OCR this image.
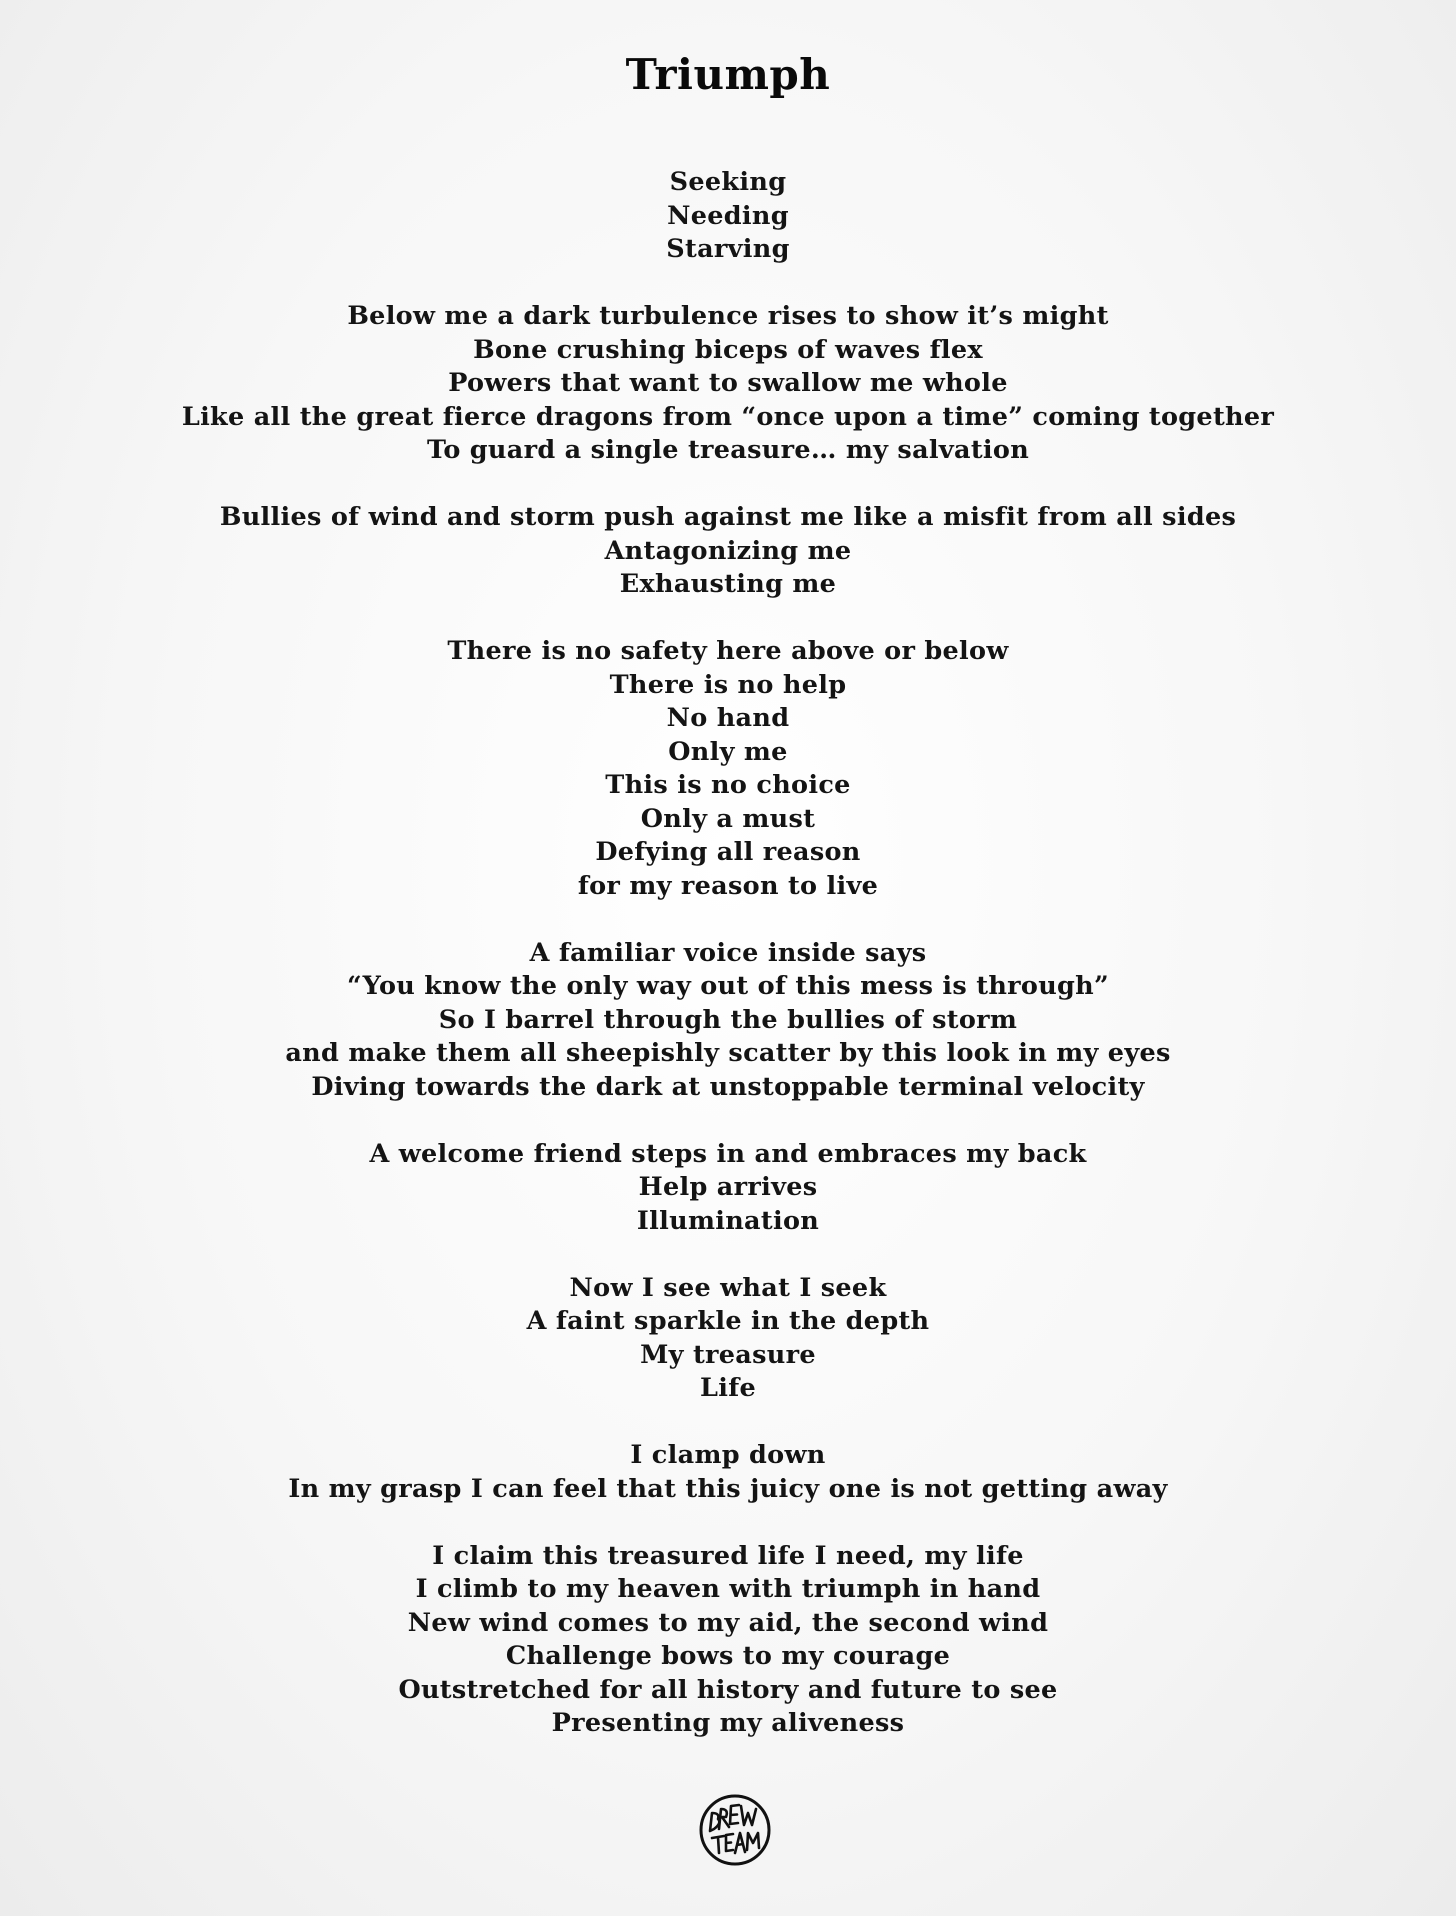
Triumph
Seeking
Needing
Starving
Below me a dark turbulence rises to show it’s might
Bone crushing biceps of waves flex
Powers that want to swallow me whole
Like all the great fierce dragons from “once upon a time” coming together
To guard a single treasure… my salvation
Bullies of wind and storm push against me like a misfit from all sides
Antagonizing me
Exhausting me
There is no safety here above or below
There is no help
No hand
Only me
This is no choice
Only a must
Defying all reason
for my reason to live
A familiar voice inside says
“You know the only way out of this mess is through”
So I barrel through the bullies of storm
and make them all sheepishly scatter by this look in my eyes
Diving towards the dark at unstoppable terminal velocity
A welcome friend steps in and embraces my back
Help arrives
Illumination
Now I see what I seek
A faint sparkle in the depth
My treasure
Life
I clamp down
In my grasp I can feel that this juicy one is not getting away
I claim this treasured life I need, my life
I climb to my heaven with triumph in hand
New wind comes to my aid, the second wind
Challenge bows to my courage
Outstretched for all history and future to see
Presenting my aliveness
